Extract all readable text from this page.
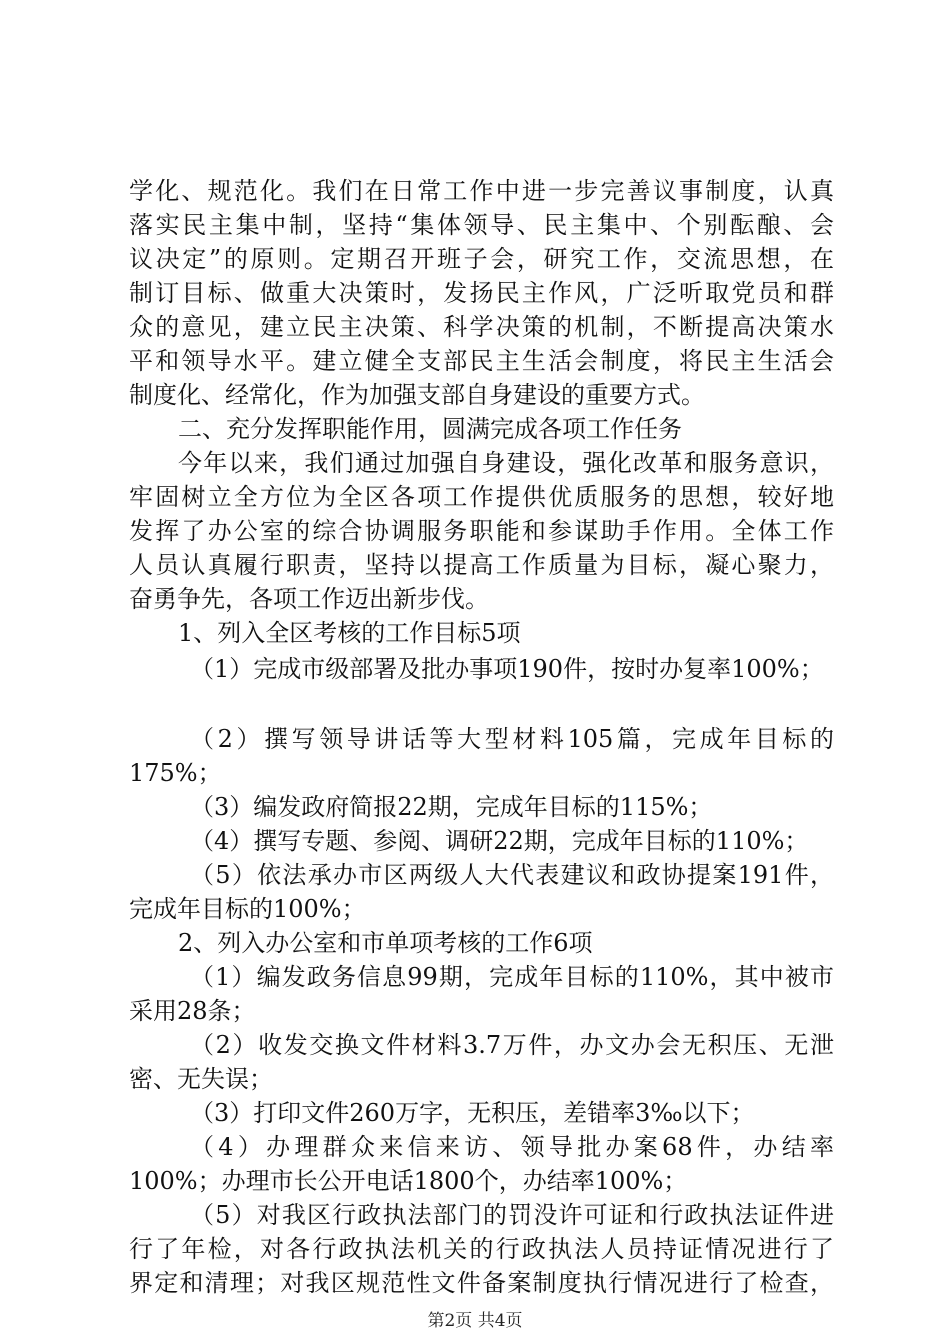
学化、规范化。我们在日常工作中进一步完善议事制度，认真
落实民主集中制，坚持“集体领导、民主集中、个别酝酿、会
议决定”的原则。定期召开班子会，研究工作，交流思想，在
制订目标、做重大决策时，发扬民主作风，广泛听取党员和群
众的意见，建立民主决策、科学决策的机制，不断提高决策水
平和领导水平。建立健全支部民主生活会制度，将民主生活会
制度化、经常化，作为加强支部自身建设的重要方式。
二、充分发挥职能作用，圆满完成各项工作任务
今年以来，我们通过加强自身建设，强化改革和服务意识，
牢固树立全方位为全区各项工作提供优质服务的思想，较好地
发挥了办公室的综合协调服务职能和参谋助手作用。全体工作
人员认真履行职责，坚持以提高工作质量为目标，凝心聚力，
奋勇争先，各项工作迈出新步伐。
1、列入全区考核的工作目标5项
（1）完成市级部署及批办事项190件，按时办复率100%；
（2）撰写领导讲话等大型材料105篇，完成年目标的
175%；
（3）编发政府简报22期，完成年目标的115%；
（4）撰写专题、参阅、调研22期，完成年目标的110%；
（5）依法承办市区两级人大代表建议和政协提案191件，
完成年目标的100%；
2、列入办公室和市单项考核的工作6项
（1）编发政务信息99期，完成年目标的110%，其中被市
采用28条；
（2）收发交换文件材料3.7万件，办文办会无积压、无泄
密、无失误；
（3）打印文件260万字，无积压，差错率3‰以下；
（4）办理群众来信来访、领导批办案68件，办结率
100%；办理市长公开电话1800个，办结率100%；
（5）对我区行政执法部门的罚没许可证和行政执法证件进
行了年检，对各行政执法机关的行政执法人员持证情况进行了
界定和清理；对我区规范性文件备案制度执行情况进行了检查，
第2页 共4页
